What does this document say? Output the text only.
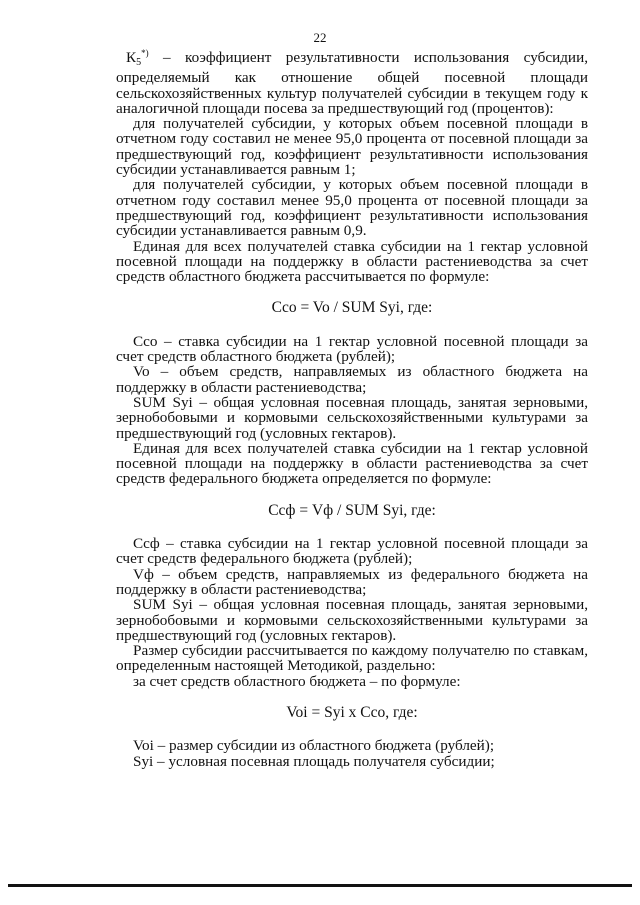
22

$К_5^{*)}$ – коэффициент результативности использования субсидии, определяемый как отношение общей посевной площади сельскохозяйственных культур получателей субсидии в текущем году к аналогичной площади посева за предшествующий год (процентов):

для получателей субсидии, у которых объем посевной площади в отчетном году составил не менее 95,0 процента от посевной площади за предшествующий год, коэффициент результативности использования субсидии устанавливается равным 1;

для получателей субсидии, у которых объем посевной площади в отчетном году составил менее 95,0 процента от посевной площади за предшествующий год, коэффициент результативности использования субсидии устанавливается равным 0,9.

Единая для всех получателей ставка субсидии на 1 гектар условной посевной площади на поддержку в области растениеводства за счет средств областного бюджета рассчитывается по формуле:

Cco = Vo / SUM Syi, где:

Cco – ставка субсидии на 1 гектар условной посевной площади за счет средств областного бюджета (рублей);

Vo – объем средств, направляемых из областного бюджета на поддержку в области растениеводства;

SUM Syi – общая условная посевная площадь, занятая зерновыми, зернобобовыми и кормовыми сельскохозяйственными культурами за предшествующий год (условных гектаров).

Единая для всех получателей ставка субсидии на 1 гектар условной посевной площади на поддержку в области растениеводства за счет средств федерального бюджета определяется по формуле:

Ccф = Vф / SUM Syi, где:

Ccф – ставка субсидии на 1 гектар условной посевной площади за счет средств федерального бюджета (рублей);

Vф – объем средств, направляемых из федерального бюджета на поддержку в области растениеводства;

SUM Syi – общая условная посевная площадь, занятая зерновыми, зернобобовыми и кормовыми сельскохозяйственными культурами за предшествующий год (условных гектаров).

Размер субсидии рассчитывается по каждому получателю по ставкам, определенным настоящей Методикой, раздельно:

за счет средств областного бюджета – по формуле:

Voi = Syi x Cco, где:

Voi – размер субсидии из областного бюджета (рублей);

Syi – условная посевная площадь получателя субсидии;
